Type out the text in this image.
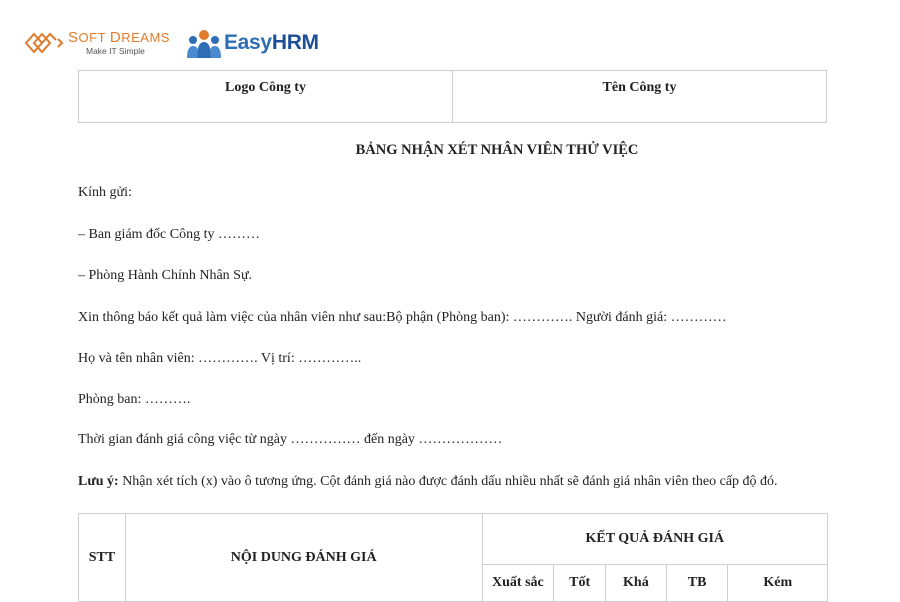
SOFT DREAMS
Make IT Simple	EasyHRM
Logo Công ty	Tên Công ty
BẢNG NHẬN XÉT NHÂN VIÊN THỬ VIỆC
Kính gửi:
– Ban giám đốc Công ty ………
– Phòng Hành Chính Nhân Sự.
Xin thông báo kết quả làm việc của nhân viên như sau:Bộ phận (Phòng ban): …………. Người đánh giá: …………
Họ và tên nhân viên: …………. Vị trí: …………..
Phòng ban: ……….
Thời gian đánh giá công việc từ ngày …………… đến ngày ………………
Lưu ý: Nhận xét tích (x) vào ô tương ứng. Cột đánh giá nào được đánh dấu nhiều nhất sẽ đánh giá nhân viên theo cấp độ đó.
STT	NỘI DUNG ĐÁNH GIÁ	KẾT QUẢ ĐÁNH GIÁ				
		Xuất sắc	Tốt	Khá	TB	Kém
